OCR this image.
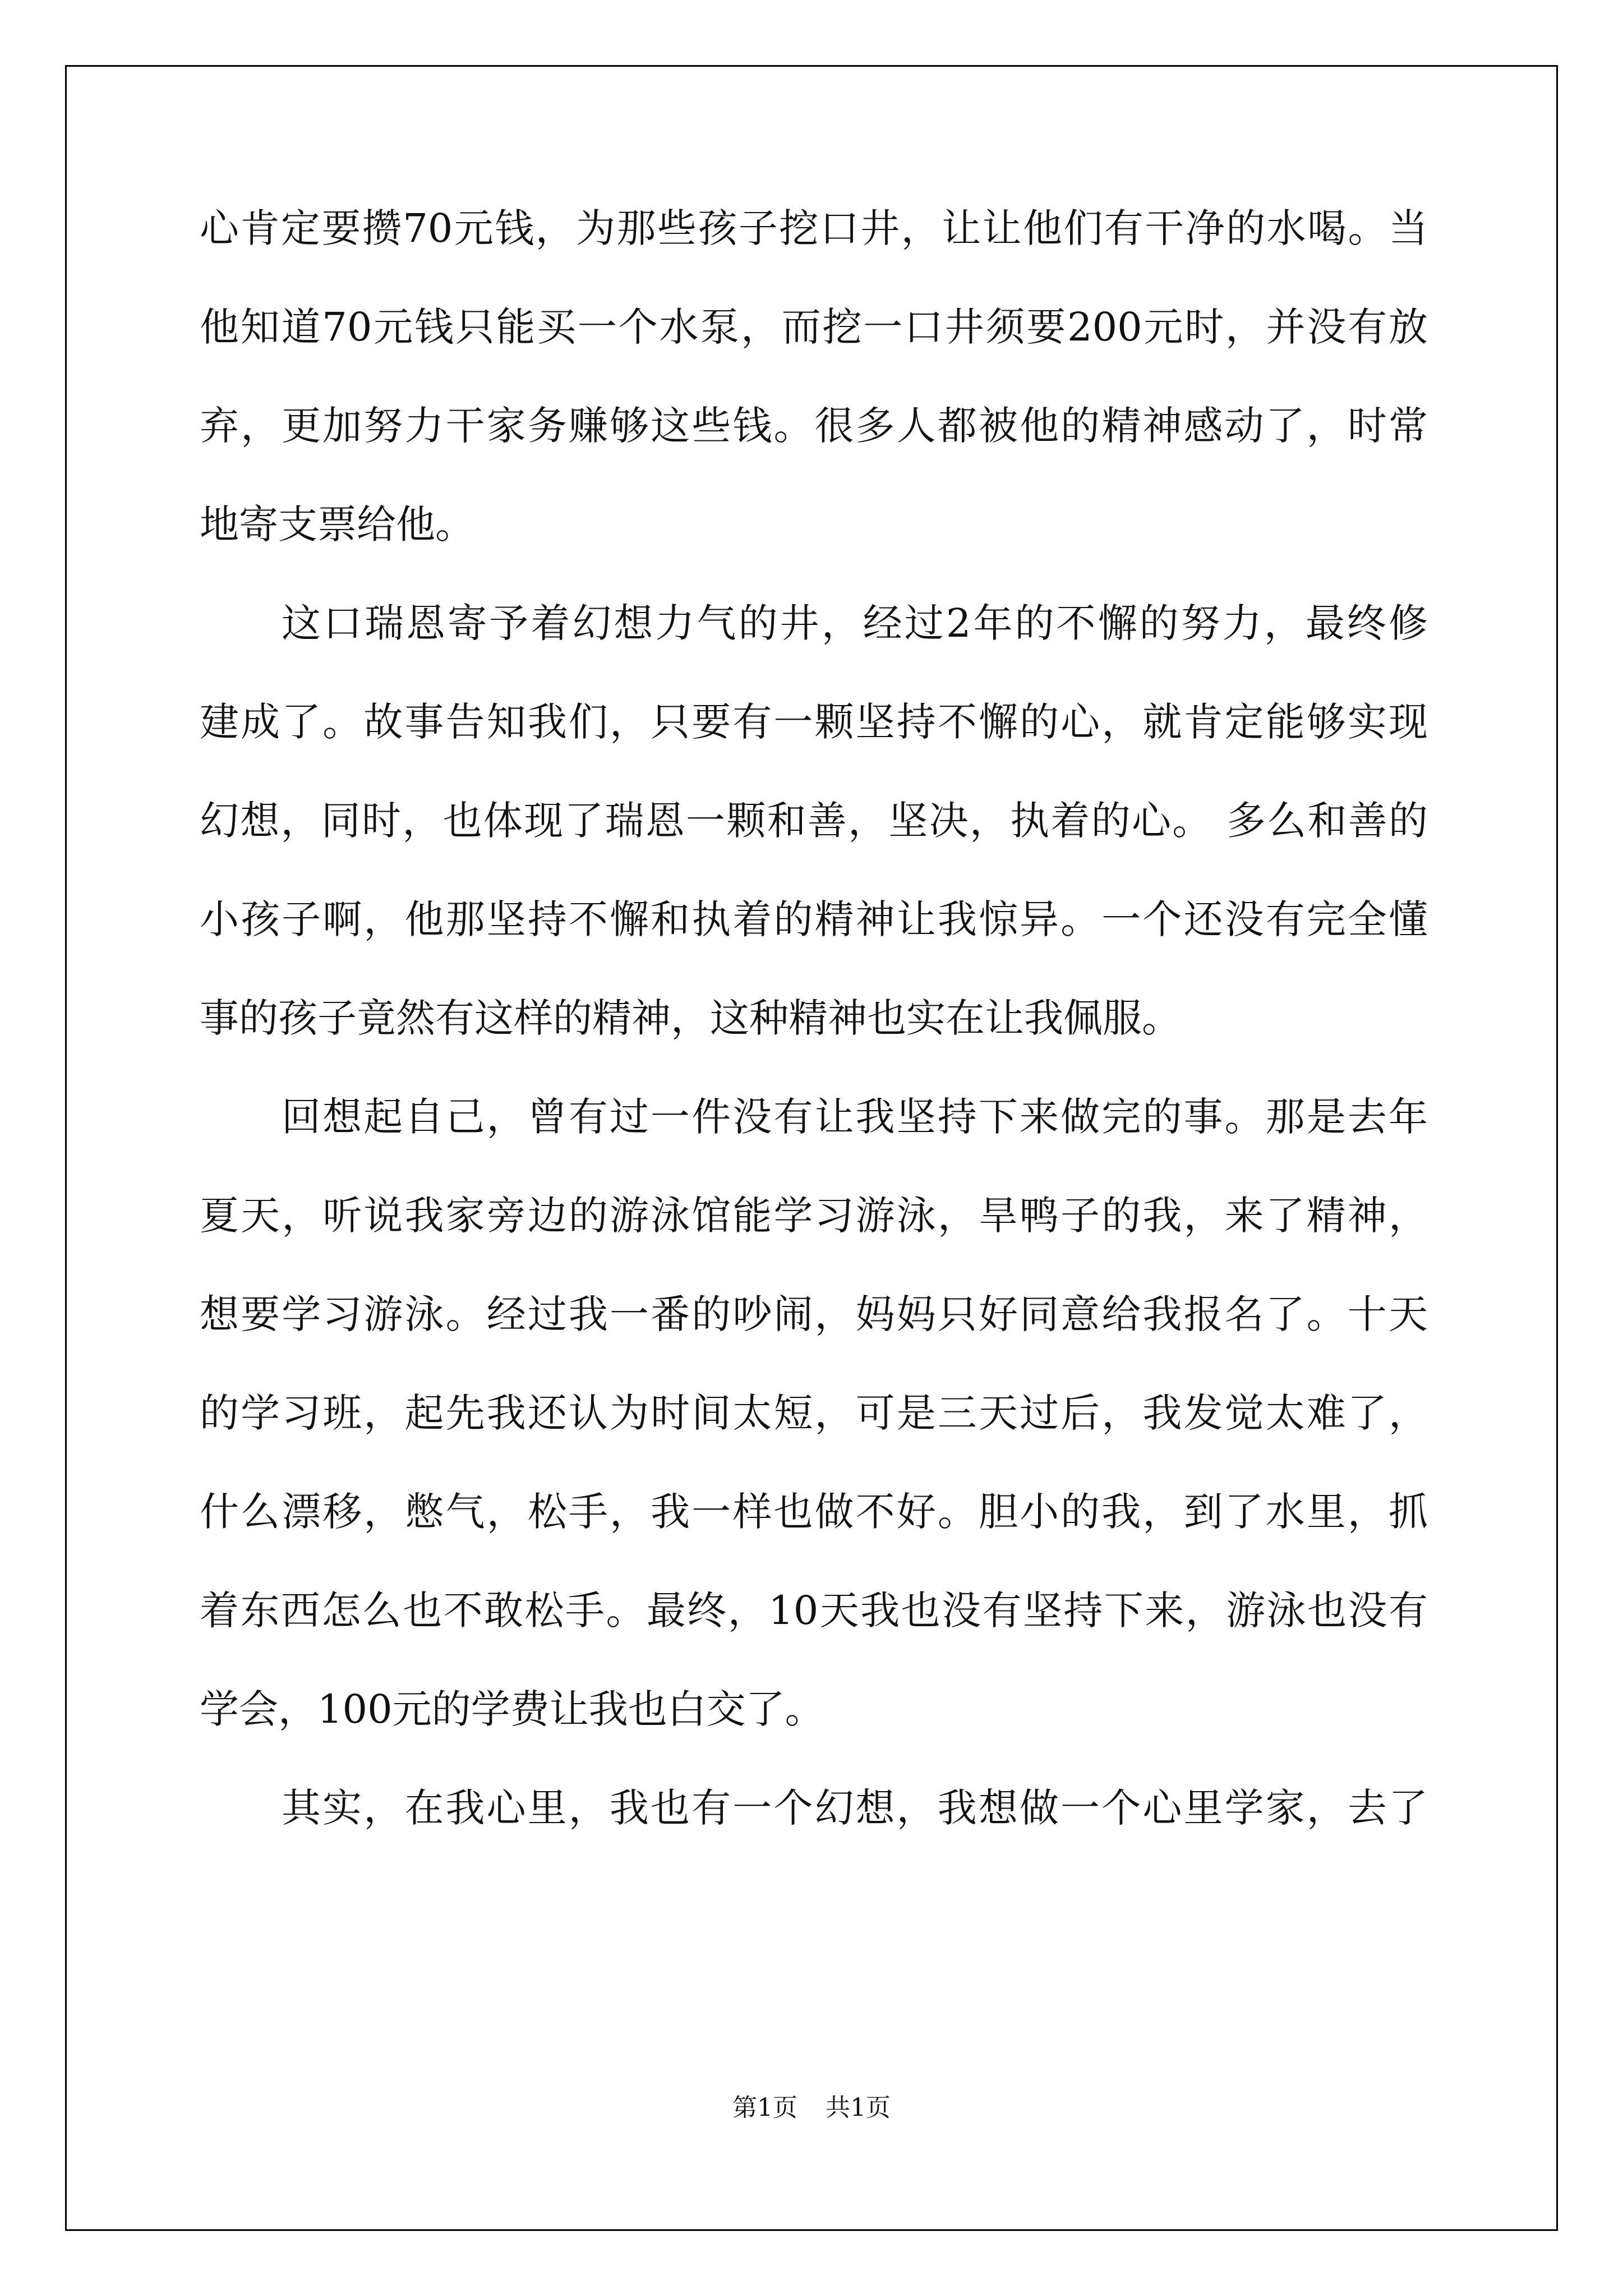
心肯定要攒70元钱，为那些孩子挖口井，让让他们有干净的水喝。当
他知道70元钱只能买一个水泵，而挖一口井须要200元时，并没有放
弃，更加努力干家务赚够这些钱。很多人都被他的精神感动了，时常
地寄支票给他。
这口瑞恩寄予着幻想力气的井，经过2年的不懈的努力，最终修
建成了。故事告知我们，只要有一颗坚持不懈的心，就肯定能够实现
幻想，同时，也体现了瑞恩一颗和善，坚决，执着的心。 多么和善的
小孩子啊，他那坚持不懈和执着的精神让我惊异。一个还没有完全懂
事的孩子竟然有这样的精神，这种精神也实在让我佩服。
回想起自己，曾有过一件没有让我坚持下来做完的事。那是去年
夏天，听说我家旁边的游泳馆能学习游泳，旱鸭子的我，来了精神，
想要学习游泳。经过我一番的吵闹，妈妈只好同意给我报名了。十天
的学习班，起先我还认为时间太短，可是三天过后，我发觉太难了，
什么漂移，憋气，松手，我一样也做不好。胆小的我，到了水里，抓
着东西怎么也不敢松手。最终，10天我也没有坚持下来，游泳也没有
学会，100元的学费让我也白交了。
其实，在我心里，我也有一个幻想，我想做一个心里学家，去了
第1页 共1页
